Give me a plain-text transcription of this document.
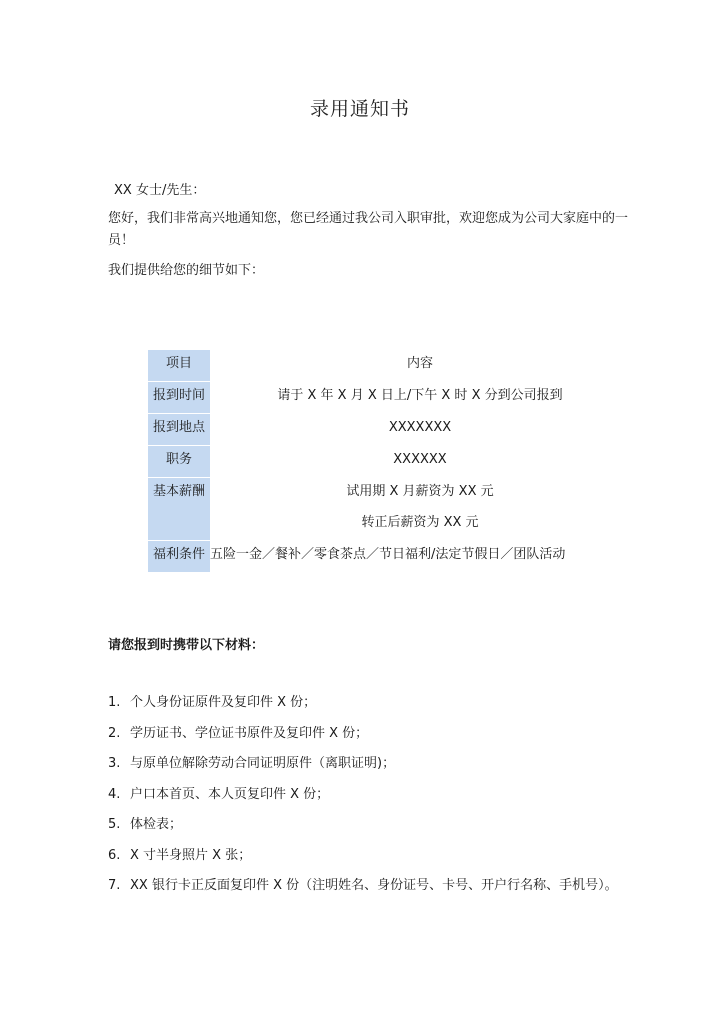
录用通知书
XX 女士/先生：
您好，我们非常高兴地通知您，您已经通过我公司入职审批，欢迎您成为公司大家庭中的一员！
我们提供给您的细节如下：
项目	内容
报到时间	请于 X 年 X 月 X 日上/下午 X 时 X 分到公司报到
报到地点	XXXXXXX
职务	XXXXXX
基本薪酬	试用期 X 月薪资为 XX 元
转正后薪资为 XX 元

福利条件	五险一金／餐补／零食茶点／节日福利/法定节假日／团队活动
请您报到时携带以下材料：
1. 个人身份证原件及复印件 X 份；
2. 学历证书、学位证书原件及复印件 X 份；
3. 与原单位解除劳动合同证明原件（离职证明)；
4. 户口本首页、本人页复印件 X 份；
5. 体检表；
6. X 寸半身照片 X 张；
7. XX 银行卡正反面复印件 X 份（注明姓名、身份证号、卡号、开户行名称、手机号）。
